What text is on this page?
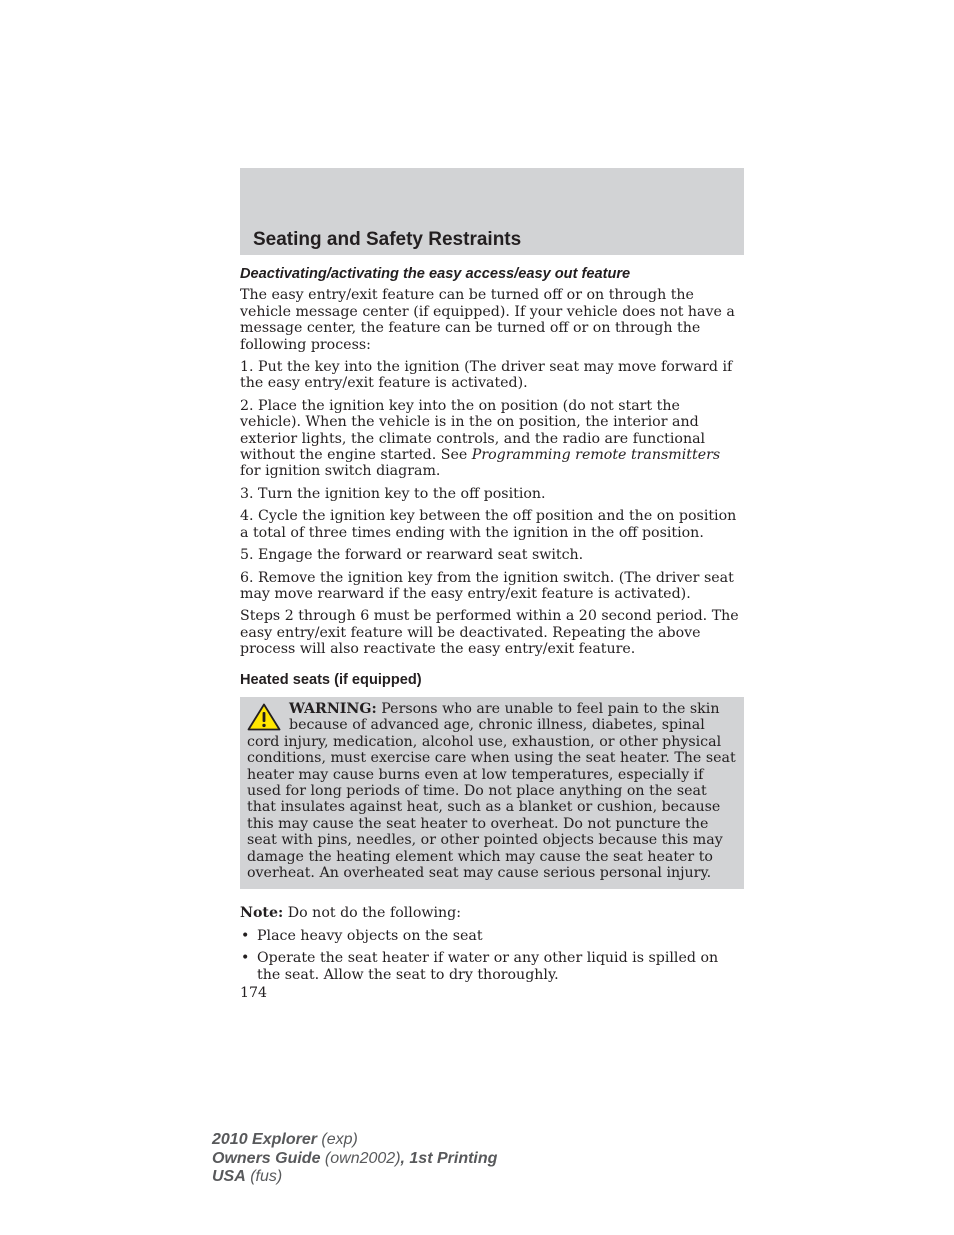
Seating and Safety Restraints
Deactivating/activating the easy access/easy out feature

The easy entry/exit feature can be turned off or on through the vehicle message center (if equipped). If your vehicle does not have a message center, the feature can be turned off or on through the following process:

1. Put the key into the ignition (The driver seat may move forward if the easy entry/exit feature is activated).

2. Place the ignition key into the on position (do not start the vehicle). When the vehicle is in the on position, the interior and exterior lights, the climate controls, and the radio are functional without the engine started. See Programming remote transmitters for ignition switch diagram.

3. Turn the ignition key to the off position.

4. Cycle the ignition key between the off position and the on position a total of three times ending with the ignition in the off position.

5. Engage the forward or rearward seat switch.

6. Remove the ignition key from the ignition switch. (The driver seat may move rearward if the easy entry/exit feature is activated).

Steps 2 through 6 must be performed within a 20 second period. The easy entry/exit feature will be deactivated. Repeating the above process will also reactivate the easy entry/exit feature.

Heated seats (if equipped)
WARNING: Persons who are unable to feel pain to the skin because of advanced age, chronic illness, diabetes, spinal cord injury, medication, alcohol use, exhaustion, or other physical conditions, must exercise care when using the seat heater. The seat heater may cause burns even at low temperatures, especially if used for long periods of time. Do not place anything on the seat that insulates against heat, such as a blanket or cushion, because this may cause the seat heater to overheat. Do not puncture the seat with pins, needles, or other pointed objects because this may damage the heating element which may cause the seat heater to overheat. An overheated seat may cause serious personal injury.

Note: Do not do the following:

• Place heavy objects on the seat
• Operate the seat heater if water or any other liquid is spilled on the seat. Allow the seat to dry thoroughly.
174
2010 Explorer (exp)
Owners Guide (own2002), 1st Printing
USA (fus)
